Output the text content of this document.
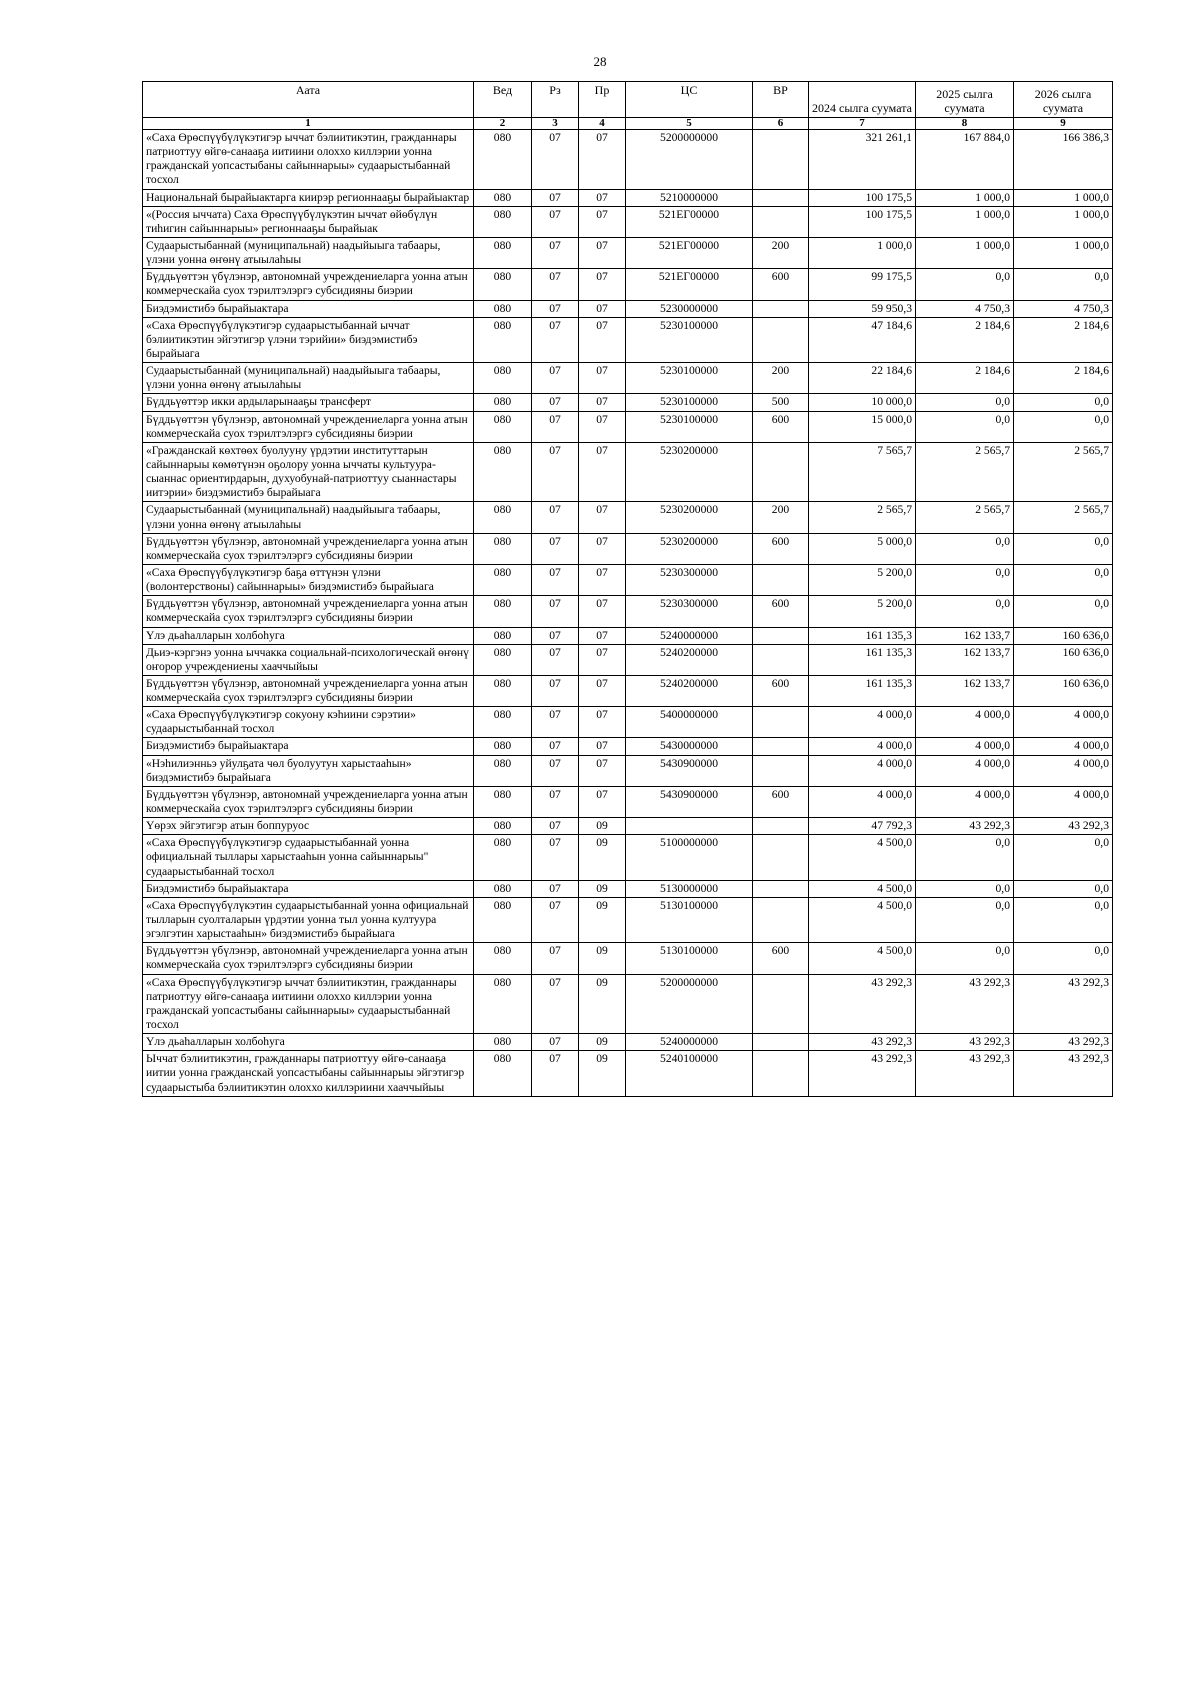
28
Аата	Вед	Рз	Пр	ЦС	ВР	2024 сылга суумата	2025 сылга суумата	2026 сылга суумата
1	2	3	4	5	6	7	8	9
«Саха Өрөспүүбүлүкэтигэр ыччат бэлиитикэтин, гражданнары патриоттуу өйгө-санааҕа иитиини олоххо киллэрии уонна гражданскай уопсастыбаны сайыннарыы» судаарыстыбаннай тосхол	080	07	07	5200000000		321 261,1	167 884,0	166 386,3
Национальнай бырайыактарга киирэр регионнааҕы бырайыактар	080	07	07	5210000000		100 175,5	1 000,0	1 000,0
«(Россия ыччата) Саха Өрөспүүбүлүкэтин ыччат өйөбүлүн тиһигин сайыннарыы» регионнааҕы бырайыак	080	07	07	521ЕГ00000		100 175,5	1 000,0	1 000,0
Судаарыстыбаннай (муниципальнай) наадыйыыга табаары, үлэни уонна өҥөнү атыылаһыы	080	07	07	521ЕГ00000	200	1 000,0	1 000,0	1 000,0
Бүддьүөттэн үбүлэнэр, автономнай учреждениеларга уонна атын коммерческайа суох тэрилтэлэргэ субсидияны биэрии	080	07	07	521ЕГ00000	600	99 175,5	0,0	0,0
Биэдэмистибэ бырайыактара	080	07	07	5230000000		59 950,3	4 750,3	4 750,3
«Саха Өрөспүүбүлүкэтигэр судаарыстыбаннай ыччат бэлиитикэтин эйгэтигэр үлэни тэрийии» биэдэмистибэ бырайыага	080	07	07	5230100000		47 184,6	2 184,6	2 184,6
Судаарыстыбаннай (муниципальнай) наадыйыыга табаары, үлэни уонна өҥөнү атыылаһыы	080	07	07	5230100000	200	22 184,6	2 184,6	2 184,6
Бүддьүөттэр икки ардыларынааҕы трансферт	080	07	07	5230100000	500	10 000,0	0,0	0,0
Бүддьүөттэн үбүлэнэр, автономнай учреждениеларга уонна атын коммерческайа суох тэрилтэлэргэ субсидияны биэрии	080	07	07	5230100000	600	15 000,0	0,0	0,0
«Гражданскай көхтөөх буолууну үрдэтии институттарын сайыннарыы көмөтүнэн оҕолору уонна ыччаты культуура-сыаннас ориентирдарын, духуобунай-патриоттуу сыаннастары иитэрии» биэдэмистибэ бырайыага	080	07	07	5230200000		7 565,7	2 565,7	2 565,7
Судаарыстыбаннай (муниципальнай) наадыйыыга табаары, үлэни уонна өҥөнү атыылаһыы	080	07	07	5230200000	200	2 565,7	2 565,7	2 565,7
Бүддьүөттэн үбүлэнэр, автономнай учреждениеларга уонна атын коммерческайа суох тэрилтэлэргэ субсидияны биэрии	080	07	07	5230200000	600	5 000,0	0,0	0,0
«Саха Өрөспүүбүлүкэтигэр баҕа өттүнэн үлэни (волонтерствоны) сайыннарыы» биэдэмистибэ бырайыага	080	07	07	5230300000		5 200,0	0,0	0,0
Бүддьүөттэн үбүлэнэр, автономнай учреждениеларга уонна атын коммерческайа суох тэрилтэлэргэ субсидияны биэрии	080	07	07	5230300000	600	5 200,0	0,0	0,0
Үлэ дьаһалларын холбоһуга	080	07	07	5240000000		161 135,3	162 133,7	160 636,0
Дьиэ-кэргэнэ уонна ыччакка социальнай-психологическай өҥөнү оҥорор учреждениены хааччыйыы	080	07	07	5240200000		161 135,3	162 133,7	160 636,0
Бүддьүөттэн үбүлэнэр, автономнай учреждениеларга уонна атын коммерческайа суох тэрилтэлэргэ субсидияны биэрии	080	07	07	5240200000	600	161 135,3	162 133,7	160 636,0
«Саха Өрөспүүбүлүкэтигэр сокуону кэһиини сэрэтии» судаарыстыбаннай тосхол	080	07	07	5400000000		4 000,0	4 000,0	4 000,0
Биэдэмистибэ бырайыактара	080	07	07	5430000000		4 000,0	4 000,0	4 000,0
«Нэһилиэнньэ уйулҕата чөл буолуутун харыстааһын» биэдэмистибэ бырайыага	080	07	07	5430900000		4 000,0	4 000,0	4 000,0
Бүддьүөттэн үбүлэнэр, автономнай учреждениеларга уонна атын коммерческайа суох тэрилтэлэргэ субсидияны биэрии	080	07	07	5430900000	600	4 000,0	4 000,0	4 000,0
Үөрэх эйгэтигэр атын боппуруос	080	07	09			47 792,3	43 292,3	43 292,3
«Саха Өрөспүүбүлүкэтигэр судаарыстыбаннай уонна официальнай тыллары харыстааһын уонна сайыннарыы" судаарыстыбаннай тосхол	080	07	09	5100000000		4 500,0	0,0	0,0
Биэдэмистибэ бырайыактара	080	07	09	5130000000		4 500,0	0,0	0,0
«Саха Өрөспүүбүлүкэтин судаарыстыбаннай уонна официальнай тылларын суолталарын үрдэтии уонна тыл уонна култуура эгэлгэтин харыстааһын» биэдэмистибэ бырайыага	080	07	09	5130100000		4 500,0	0,0	0,0
Бүддьүөттэн үбүлэнэр, автономнай учреждениеларга уонна атын коммерческайа суох тэрилтэлэргэ субсидияны биэрии	080	07	09	5130100000	600	4 500,0	0,0	0,0
«Саха Өрөспүүбүлүкэтигэр ыччат бэлиитикэтин, гражданнары патриоттуу өйгө-санааҕа иитиини олоххо киллэрии уонна гражданскай уопсастыбаны сайыннарыы» судаарыстыбаннай тосхол	080	07	09	5200000000		43 292,3	43 292,3	43 292,3
Үлэ дьаһалларын холбоһуга	080	07	09	5240000000		43 292,3	43 292,3	43 292,3
Ыччат бэлиитикэтин, гражданнары патриоттуу өйгө-санааҕа иитии уонна гражданскай уопсастыбаны сайыннарыы эйгэтигэр судаарыстыба бэлиитикэтин олоххо киллэриини хааччыйыы	080	07	09	5240100000		43 292,3	43 292,3	43 292,3
